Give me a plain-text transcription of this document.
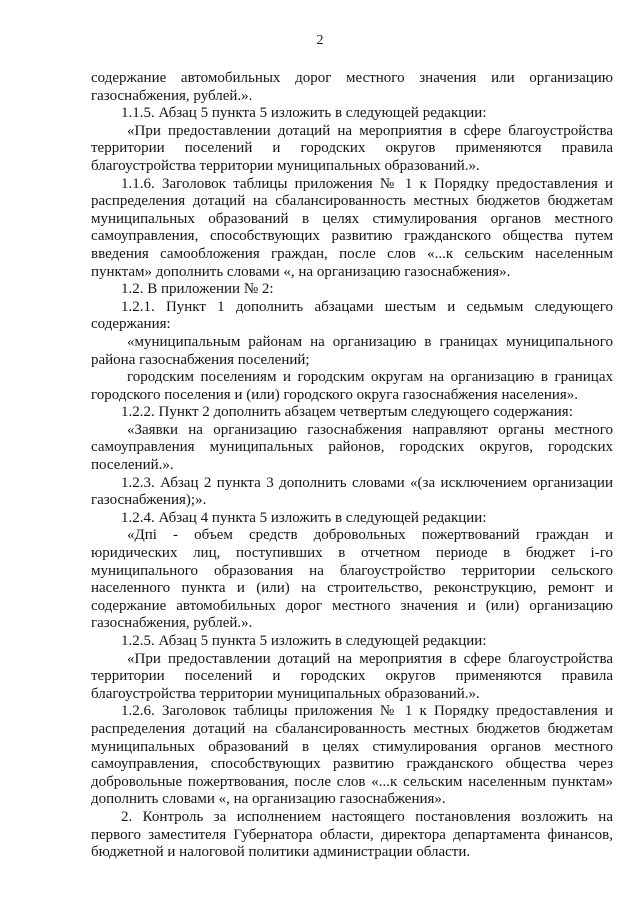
2

содержание автомобильных дорог местного значения или организацию газоснабжения, рублей.».

1.1.5. Абзац 5 пункта 5 изложить в следующей редакции:

«При предоставлении дотаций на мероприятия в сфере благоустройства территории поселений и городских округов применяются правила благоустройства территории муниципальных образований.».

1.1.6. Заголовок таблицы приложения № 1 к Порядку предоставления и распределения дотаций на сбалансированность местных бюджетов бюджетам муниципальных образований в целях стимулирования органов местного самоуправления, способствующих развитию гражданского общества путем введения самообложения граждан, после слов «...к сельским населенным пунктам» дополнить словами «, на организацию газоснабжения».

1.2. В приложении № 2:

1.2.1. Пункт 1 дополнить абзацами шестым и седьмым следующего содержания:

«муниципальным районам на организацию в границах муниципального района газоснабжения поселений;

городским поселениям и городским округам на организацию в границах городского поселения и (или) городского округа газоснабжения населения».

1.2.2. Пункт 2 дополнить абзацем четвертым следующего содержания:

«Заявки на организацию газоснабжения направляют органы местного самоуправления муниципальных районов, городских округов, городских поселений.».

1.2.3. Абзац 2 пункта 3 дополнить словами «(за исключением организации газоснабжения);».

1.2.4. Абзац 4 пункта 5 изложить в следующей редакции:

«Дпi - объем средств добровольных пожертвований граждан и юридических лиц, поступивших в отчетном периоде в бюджет i-го муниципального образования на благоустройство территории сельского населенного пункта и (или) на строительство, реконструкцию, ремонт и содержание автомобильных дорог местного значения и (или) организацию газоснабжения, рублей.».

1.2.5. Абзац 5 пункта 5 изложить в следующей редакции:

«При предоставлении дотаций на мероприятия в сфере благоустройства территории поселений и городских округов применяются правила благоустройства территории муниципальных образований.».

1.2.6. Заголовок таблицы приложения № 1 к Порядку предоставления и распределения дотаций на сбалансированность местных бюджетов бюджетам муниципальных образований в целях стимулирования органов местного самоуправления, способствующих развитию гражданского общества через добровольные пожертвования, после слов «...к сельским населенным пунктам» дополнить словами «, на организацию газоснабжения».

2. Контроль за исполнением настоящего постановления возложить на первого заместителя Губернатора области, директора департамента финансов, бюджетной и налоговой политики администрации области.
